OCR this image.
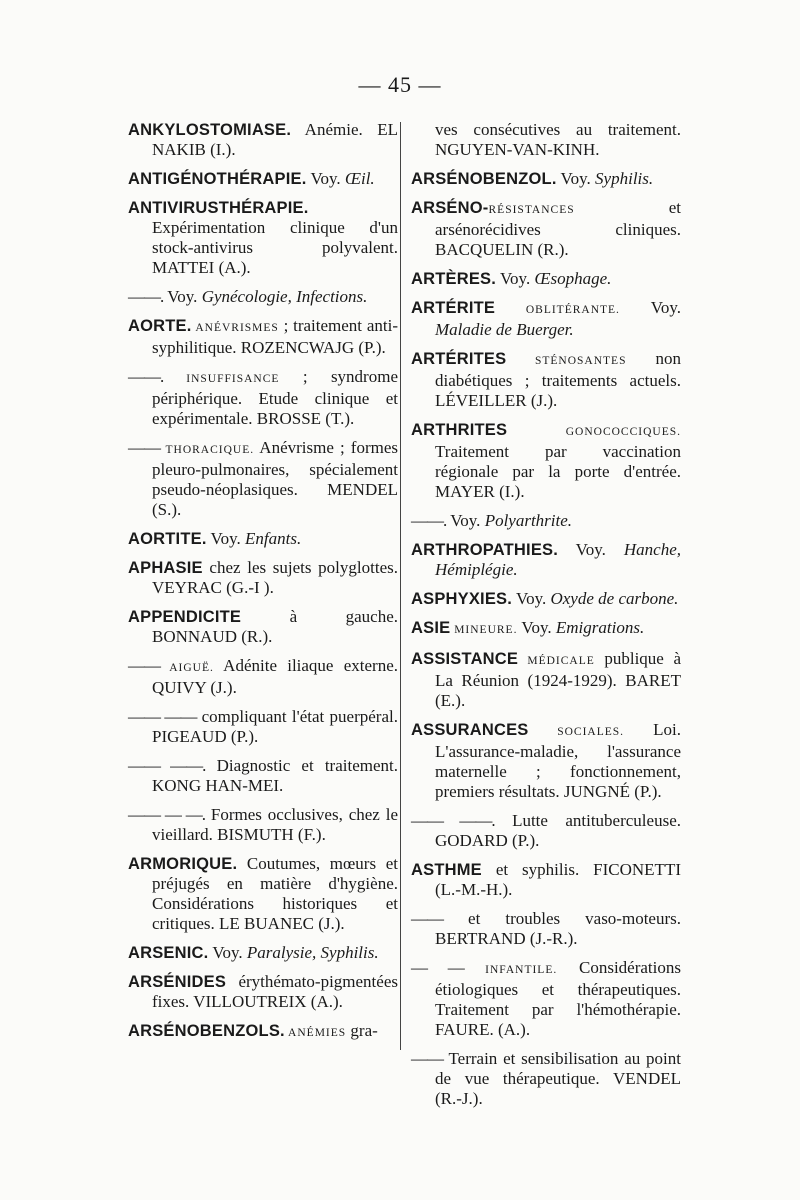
— 45 —

ANKYLOSTOMIASE. Anémie. EL NAKIB (I.).

ANTIGÉNOTHÉRAPIE. Voy. Œil.

ANTIVIRUSTHÉRAPIE. Expérimentation clinique d'un stock-antivirus polyvalent. MATTEI (A.).

——. Voy. Gynécologie, Infections.

AORTE. ANÉVRISMES ; traitement anti-syphilitique. ROZENCWAJG (P.).

——. INSUFFISANCE ; syndrome périphérique. Etude clinique et expérimentale. BROSSE (T.).

—— THORACIQUE. Anévrisme ; formes pleuro-pulmonaires, spécialement pseudo-néoplasiques. MENDEL (S.).

AORTITE. Voy. Enfants.

APHASIE chez les sujets polyglottes. VEYRAC (G.-I ).

APPENDICITE à gauche. BONNAUD (R.).

—— AIGUË. Adénite iliaque externe. QUIVY (J.).

—— —— compliquant l'état puerpéral. PIGEAUD (P.).

—— ——. Diagnostic et traitement. KONG HAN-MEI.

—— — —. Formes occlusives, chez le vieillard. BISMUTH (F.).

ARMORIQUE. Coutumes, mœurs et préjugés en matière d'hygiène. Considérations historiques et critiques. LE BUANEC (J.).

ARSENIC. Voy. Paralysie, Syphilis.

ARSÉNIDES érythémato-pigmentées fixes. VILLOUTREIX (A.).

ARSÉNOBENZOLS. ANÉMIES gra-

ves consécutives au traitement. NGUYEN-VAN-KINH.

ARSÉNOBENZOL. Voy. Syphilis.

ARSÉNO-RÉSISTANCES et arsénorécidives cliniques. BACQUELIN (R.).

ARTÈRES. Voy. Œsophage.

ARTÉRITE OBLITÉRANTE. Voy. Maladie de Buerger.

ARTÉRITES STÉNOSANTES non diabétiques ; traitements actuels. LÉVEILLER (J.).

ARTHRITES GONOCOCCIQUES. Traitement par vaccination régionale par la porte d'entrée. MAYER (I.).

——. Voy. Polyarthrite.

ARTHROPATHIES. Voy. Hanche, Hémiplégie.

ASPHYXIES. Voy. Oxyde de carbone.

ASIE MINEURE. Voy. Emigrations.

ASSISTANCE MÉDICALE publique à La Réunion (1924-1929). BARET (E.).

ASSURANCES SOCIALES. Loi. L'assurance-maladie, l'assurance maternelle ; fonctionnement, premiers résultats. JUNGNÉ (P.).

—— ——. Lutte antituberculeuse. GODARD (P.).

ASTHME et syphilis. FICONETTI (L.-M.-H.).

—— et troubles vaso-moteurs. BERTRAND (J.-R.).

— — INFANTILE. Considérations étiologiques et thérapeutiques. Traitement par l'hémothérapie. FAURE. (A.).

—— Terrain et sensibilisation au point de vue thérapeutique. VENDEL (R.-J.).
